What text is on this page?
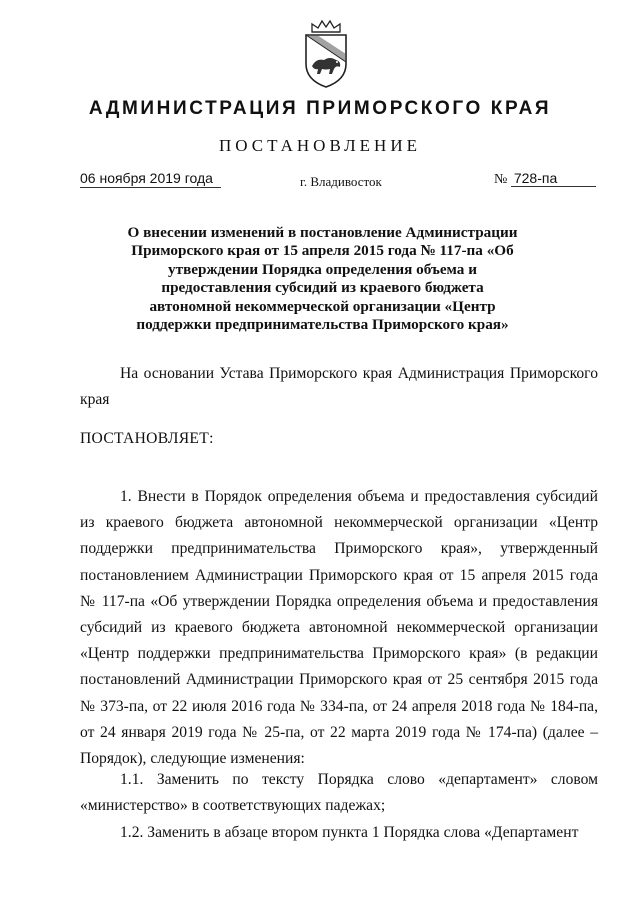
АДМИНИСТРАЦИЯ ПРИМОРСКОГО КРАЯ
ПОСТАНОВЛЕНИЕ
06 ноября 2019 года	г. Владивосток	№ 728-па
О внесении изменений в постановление Администрации Приморского края от 15 апреля 2015 года № 117-па «Об утверждении Порядка определения объема и предоставления субсидий из краевого бюджета автономной некоммерческой организации «Центр поддержки предпринимательства Приморского края»

На основании Устава Приморского края Администрация Приморского края

ПОСТАНОВЛЯЕТ:

1. Внести в Порядок определения объема и предоставления субсидий из краевого бюджета автономной некоммерческой организации «Центр поддержки предпринимательства Приморского края», утвержденный постановлением Администрации Приморского края от 15 апреля 2015 года № 117-па «Об утверждении Порядка определения объема и предоставления субсидий из краевого бюджета автономной некоммерческой организации «Центр поддержки предпринимательства Приморского края» (в редакции постановлений Администрации Приморского края от 25 сентября 2015 года № 373-па, от 22 июля 2016 года № 334-па, от 24 апреля 2018 года № 184-па, от 24 января 2019 года № 25-па, от 22 марта 2019 года № 174-па) (далее – Порядок), следующие изменения:

1.1. Заменить по тексту Порядка слово «департамент» словом «министерство» в соответствующих падежах;

1.2. Заменить в абзаце втором пункта 1 Порядка слова «Департамент
